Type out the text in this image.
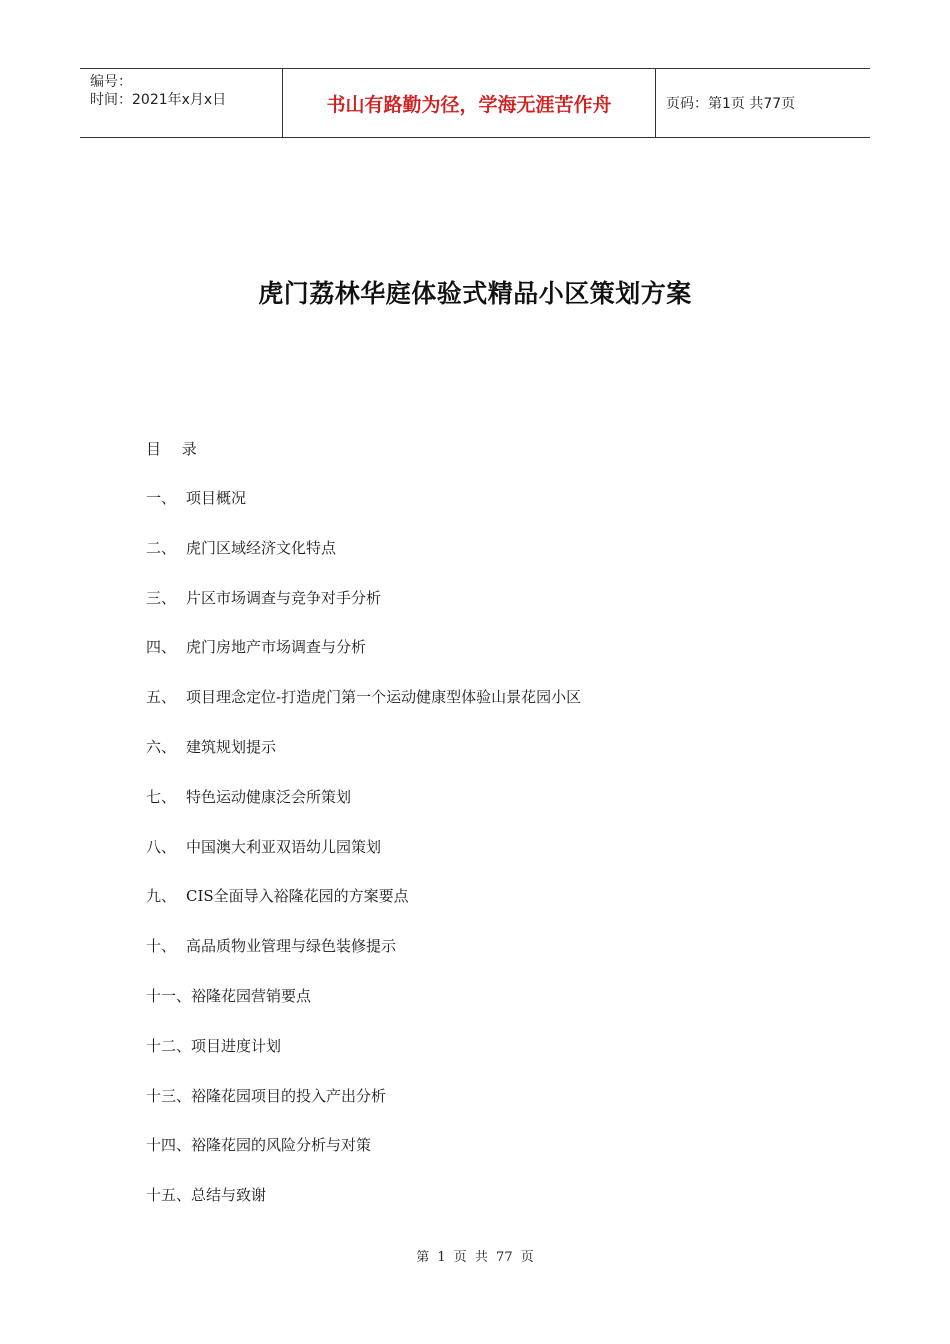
编号：
时间：2021年x月x日	书山有路勤为径，学海无涯苦作舟	页码：第1页 共77页
虎门荔林华庭体验式精品小区策划方案
目 录
一、 项目概况
二、 虎门区域经济文化特点
三、 片区市场调查与竞争对手分析
四、 虎门房地产市场调查与分析
五、 项目理念定位-打造虎门第一个运动健康型体验山景花园小区
六、 建筑规划提示
七、 特色运动健康泛会所策划
八、 中国澳大利亚双语幼儿园策划
九、 CIS全面导入裕隆花园的方案要点
十、 高品质物业管理与绿色装修提示
十一、裕隆花园营销要点
十二、项目进度计划
十三、裕隆花园项目的投入产出分析
十四、裕隆花园的风险分析与对策
十五、总结与致谢
第 1 页 共 77 页
